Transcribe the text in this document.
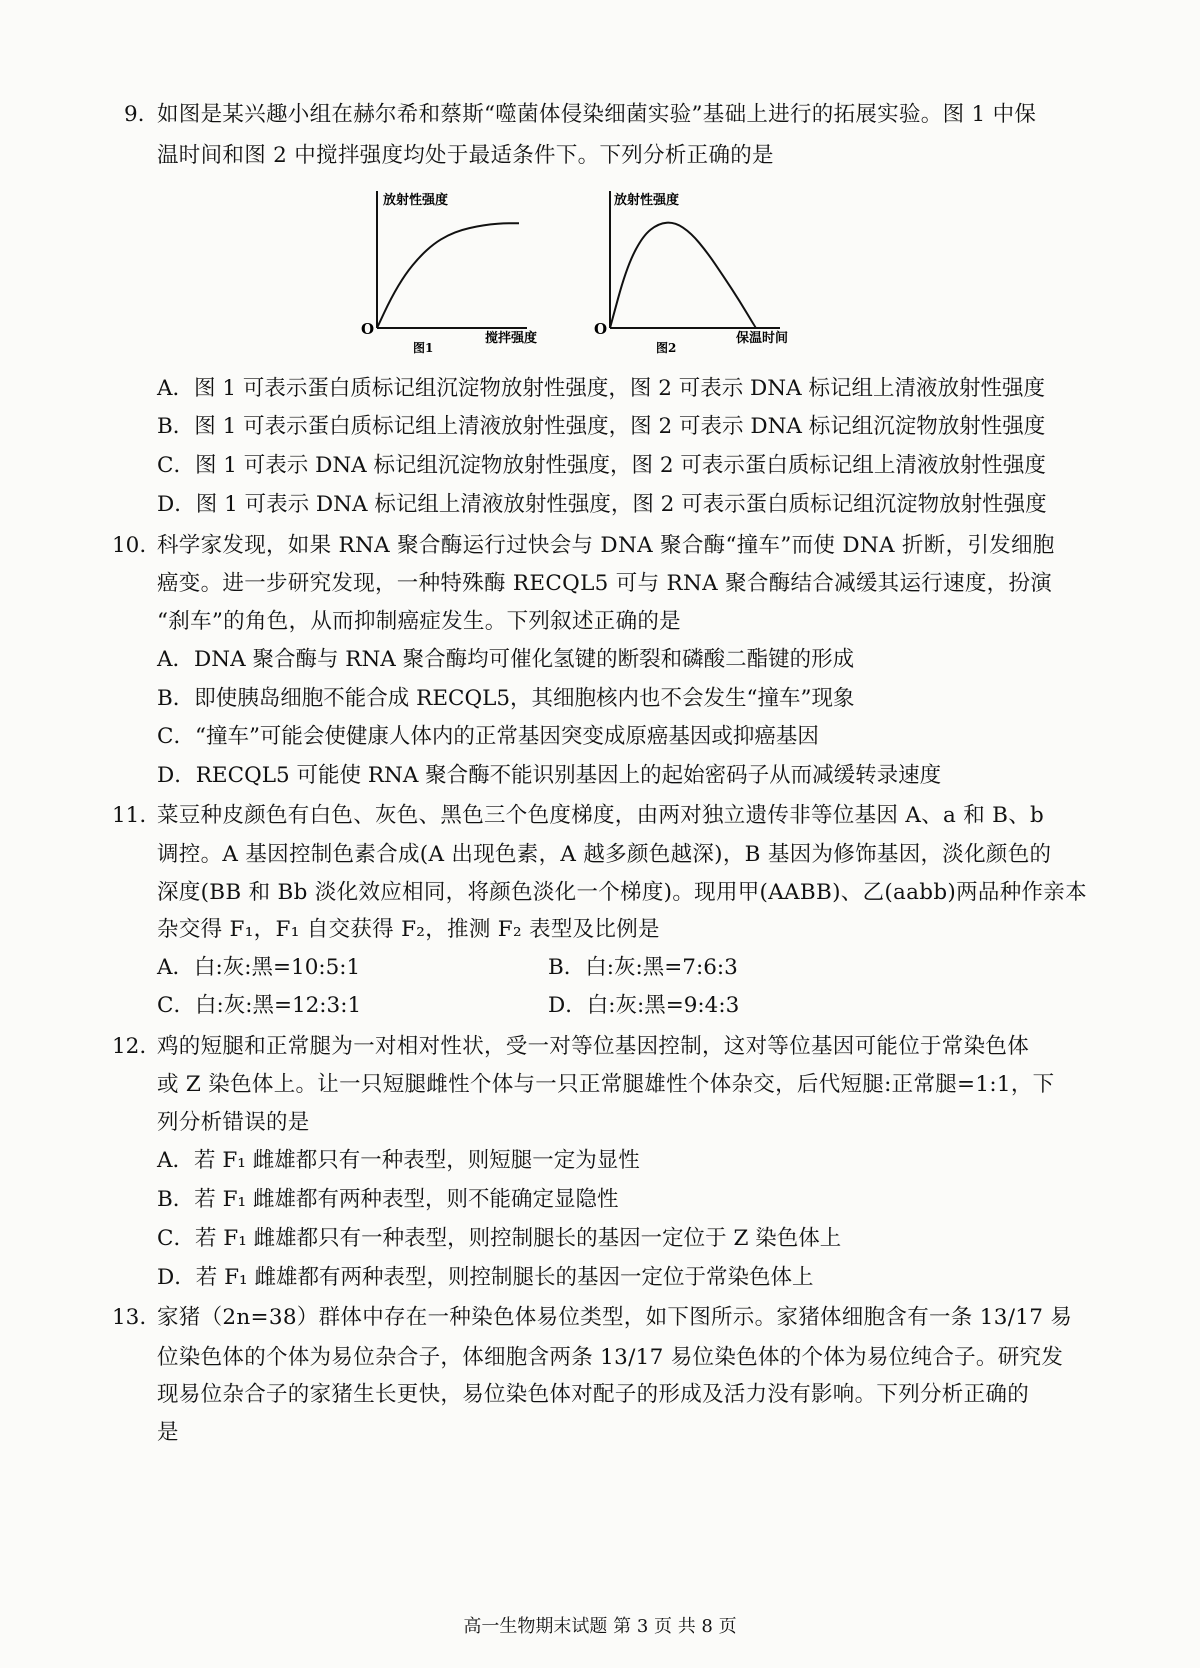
9. 如图是某兴趣小组在赫尔希和蔡斯“噬菌体侵染细菌实验”基础上进行的拓展实验。图 1 中保
温时间和图 2 中搅拌强度均处于最适条件下。下列分析正确的是
放射性强度
搅拌强度
O
图1
放射性强度
保温时间
O
图2
A．图 1 可表示蛋白质标记组沉淀物放射性强度，图 2 可表示 DNA 标记组上清液放射性强度
B．图 1 可表示蛋白质标记组上清液放射性强度，图 2 可表示 DNA 标记组沉淀物放射性强度
C．图 1 可表示 DNA 标记组沉淀物放射性强度，图 2 可表示蛋白质标记组上清液放射性强度
D．图 1 可表示 DNA 标记组上清液放射性强度，图 2 可表示蛋白质标记组沉淀物放射性强度
10. 科学家发现，如果 RNA 聚合酶运行过快会与 DNA 聚合酶“撞车”而使 DNA 折断，引发细胞
癌变。进一步研究发现，一种特殊酶 RECQL5 可与 RNA 聚合酶结合减缓其运行速度，扮演
“刹车”的角色，从而抑制癌症发生。下列叙述正确的是
A．DNA 聚合酶与 RNA 聚合酶均可催化氢键的断裂和磷酸二酯键的形成
B．即使胰岛细胞不能合成 RECQL5，其细胞核内也不会发生“撞车”现象
C．“撞车”可能会使健康人体内的正常基因突变成原癌基因或抑癌基因
D．RECQL5 可能使 RNA 聚合酶不能识别基因上的起始密码子从而减缓转录速度
11. 菜豆种皮颜色有白色、灰色、黑色三个色度梯度，由两对独立遗传非等位基因 A、a 和 B、b
调控。A 基因控制色素合成(A 出现色素，A 越多颜色越深)，B 基因为修饰基因，淡化颜色的
深度(BB 和 Bb 淡化效应相同，将颜色淡化一个梯度)。现用甲(AABB)、乙(aabb)两品种作亲本
杂交得 F₁，F₁ 自交获得 F₂，推测 F₂ 表型及比例是
A．白:灰:黑=10:5:1	B．白:灰:黑=7:6:3
C．白:灰:黑=12:3:1	D．白:灰:黑=9:4:3
12. 鸡的短腿和正常腿为一对相对性状，受一对等位基因控制，这对等位基因可能位于常染色体
或 Z 染色体上。让一只短腿雌性个体与一只正常腿雄性个体杂交，后代短腿:正常腿=1:1，下
列分析错误的是
A．若 F₁ 雌雄都只有一种表型，则短腿一定为显性
B．若 F₁ 雌雄都有两种表型，则不能确定显隐性
C．若 F₁ 雌雄都只有一种表型，则控制腿长的基因一定位于 Z 染色体上
D．若 F₁ 雌雄都有两种表型，则控制腿长的基因一定位于常染色体上
13. 家猪（2n=38）群体中存在一种染色体易位类型，如下图所示。家猪体细胞含有一条 13/17 易
位染色体的个体为易位杂合子，体细胞含两条 13/17 易位染色体的个体为易位纯合子。研究发
现易位杂合子的家猪生长更快，易位染色体对配子的形成及活力没有影响。下列分析正确的
是
高一生物期末试题 第 3 页 共 8 页
